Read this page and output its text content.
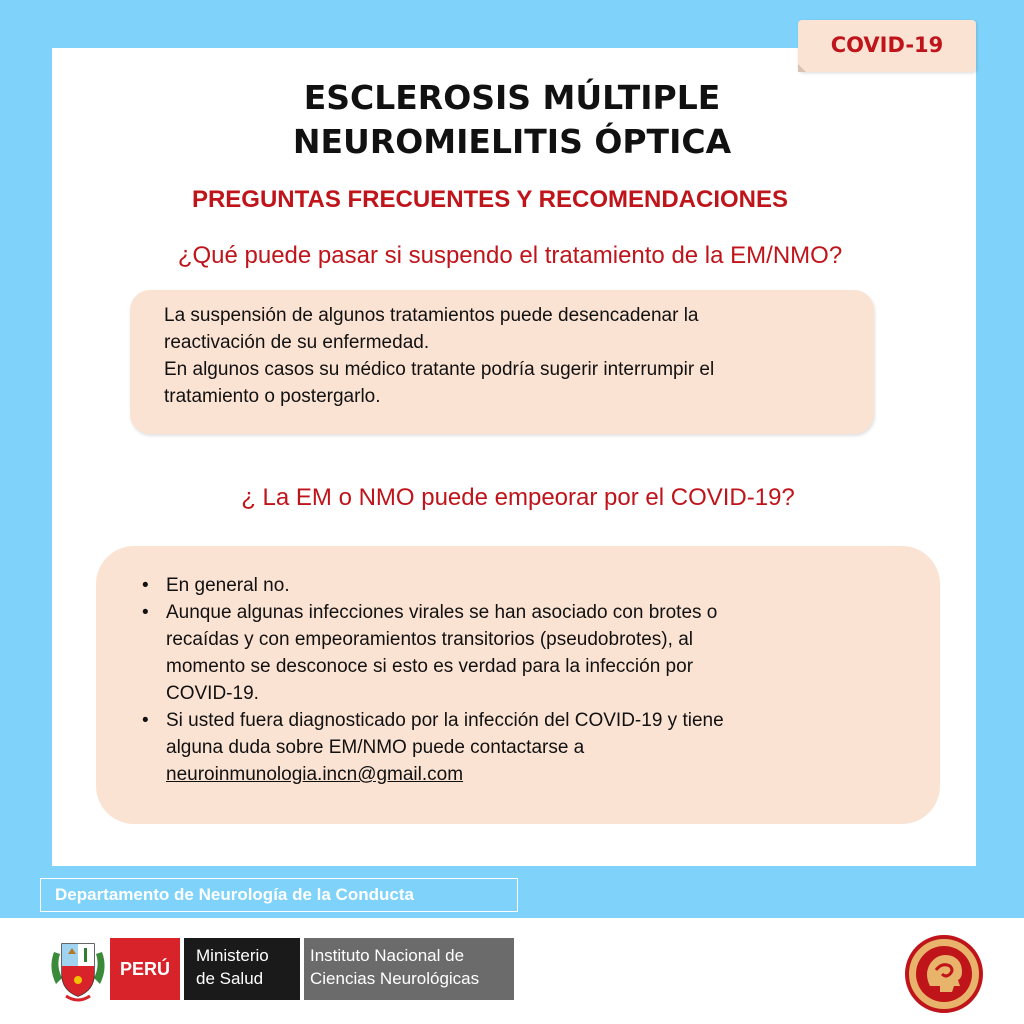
COVID-19
ESCLEROSIS MÚLTIPLE
NEUROMIELITIS ÓPTICA
PREGUNTAS FRECUENTES Y RECOMENDACIONES
¿Qué puede pasar si suspendo el tratamiento de la EM/NMO?
La suspensión de algunos tratamientos puede desencadenar la
reactivación de su enfermedad.
En algunos casos su médico tratante podría sugerir interrumpir el
tratamiento o postergarlo.
¿ La EM o NMO puede empeorar por el COVID-19?
• En general no.
• Aunque algunas infecciones virales se han asociado con brotes o
recaídas y con empeoramientos transitorios (pseudobrotes), al
momento se desconoce si esto es verdad para la infección por
COVID-19.
• Si usted fuera diagnosticado por la infección del COVID-19 y tiene
alguna duda sobre EM/NMO puede contactarse a
neuroinmunologia.incn@gmail.com
Departamento de Neurología de la Conducta
PERÚ
Ministerio
de Salud
Instituto Nacional de
Ciencias Neurológicas
